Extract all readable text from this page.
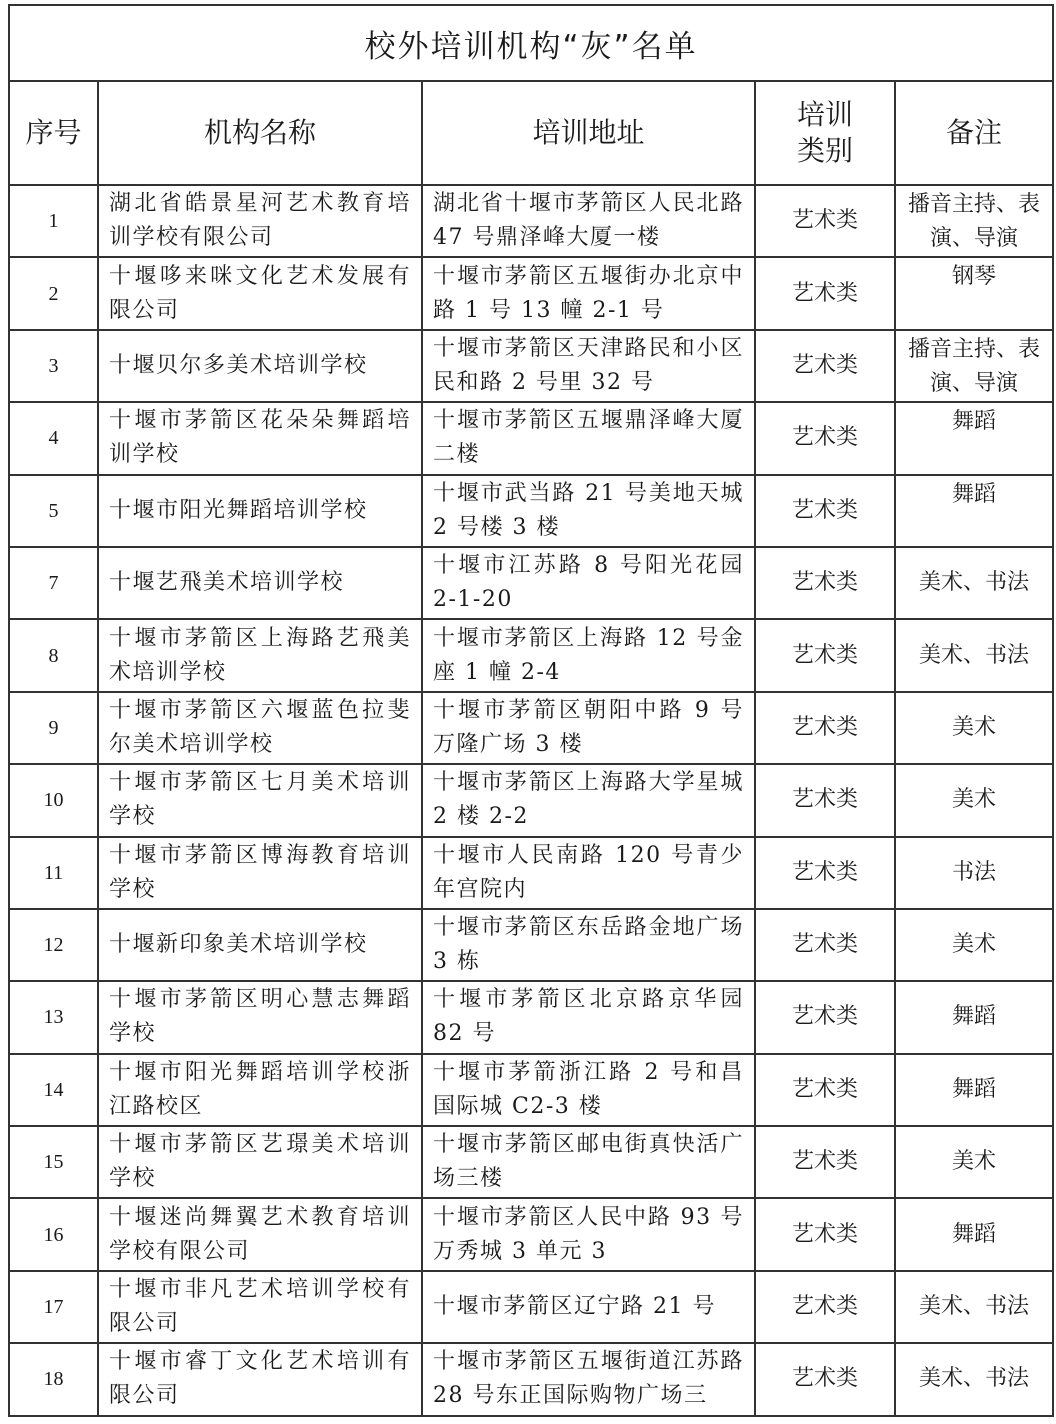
校外培训机构“灰”名单				
序号	机构名称	培训地址	培训类别	备注
1	湖北省皓景星河艺术教育培训学校有限公司	湖北省十堰市茅箭区人民北路 47 号鼎泽峰大厦一楼	艺术类	播音主持、表演、导演
2	十堰哆来咪文化艺术发展有限公司	十堰市茅箭区五堰街办北京中路 1 号 13 幢 2-1 号	艺术类	钢琴
3	十堰贝尔多美术培训学校	十堰市茅箭区天津路民和小区民和路 2 号里 32 号	艺术类	播音主持、表演、导演
4	十堰市茅箭区花朵朵舞蹈培训学校	十堰市茅箭区五堰鼎泽峰大厦二楼	艺术类	舞蹈
5	十堰市阳光舞蹈培训学校	十堰市武当路 21 号美地天城 2 号楼 3 楼	艺术类	舞蹈
7	十堰艺飛美术培训学校	十堰市江苏路 8 号阳光花园 2-1-20	艺术类	美术、书法
8	十堰市茅箭区上海路艺飛美术培训学校	十堰市茅箭区上海路 12 号金座 1 幢 2-4	艺术类	美术、书法
9	十堰市茅箭区六堰蓝色拉斐尔美术培训学校	十堰市茅箭区朝阳中路 9 号万隆广场 3 楼	艺术类	美术
10	十堰市茅箭区七月美术培训学校	十堰市茅箭区上海路大学星城 2 楼 2-2	艺术类	美术
11	十堰市茅箭区博海教育培训学校	十堰市人民南路 120 号青少年宫院内	艺术类	书法
12	十堰新印象美术培训学校	十堰市茅箭区东岳路金地广场 3 栋	艺术类	美术
13	十堰市茅箭区明心慧志舞蹈学校	十堰市茅箭区北京路京华园 82 号	艺术类	舞蹈
14	十堰市阳光舞蹈培训学校浙江路校区	十堰市茅箭浙江路 2 号和昌国际城 C2-3 楼	艺术类	舞蹈
15	十堰市茅箭区艺璟美术培训学校	十堰市茅箭区邮电街真快活广场三楼	艺术类	美术
16	十堰迷尚舞翼艺术教育培训学校有限公司	十堰市茅箭区人民中路 93 号万秀城 3 单元 3	艺术类	舞蹈
17	十堰市非凡艺术培训学校有限公司	十堰市茅箭区辽宁路 21 号	艺术类	美术、书法
18	十堰市睿丁文化艺术培训有限公司	十堰市茅箭区五堰街道江苏路 28 号东正国际购物广场三	艺术类	美术、书法
